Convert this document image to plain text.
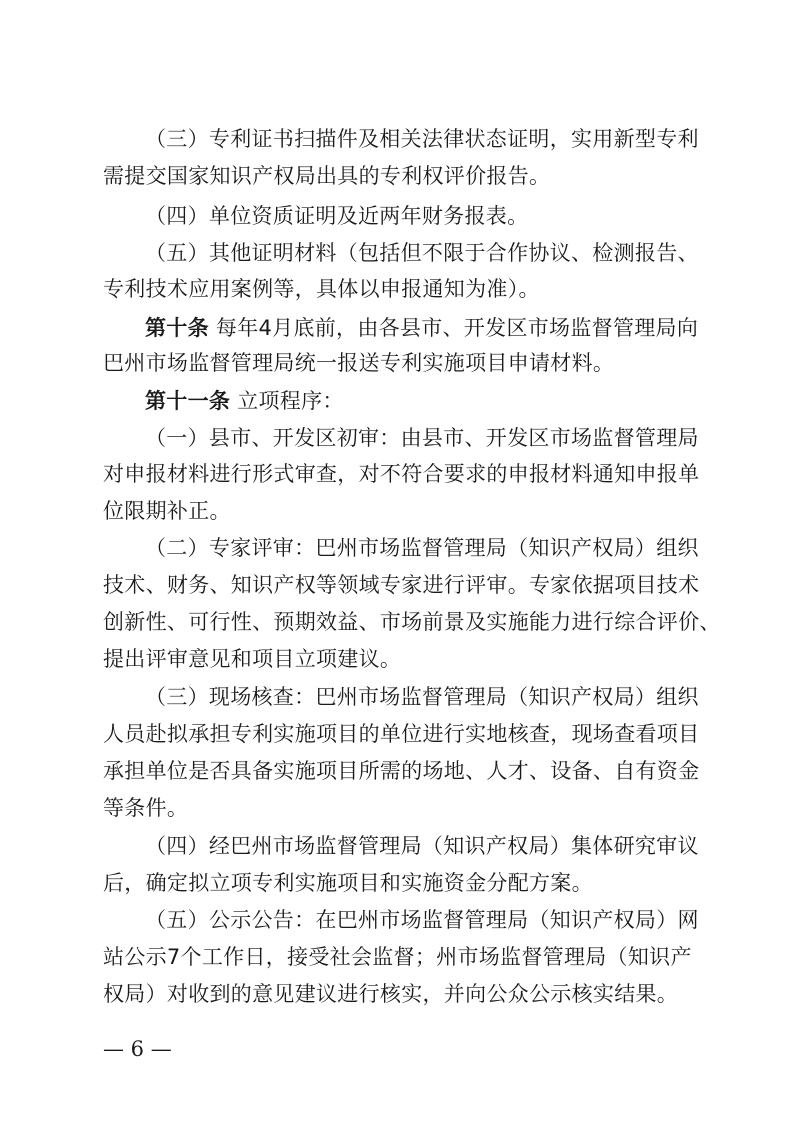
（三）专利证书扫描件及相关法律状态证明，实用新型专利
需提交国家知识产权局出具的专利权评价报告。
（四）单位资质证明及近两年财务报表。
（五）其他证明材料（包括但不限于合作协议、检测报告、
专利技术应用案例等，具体以申报通知为准）。
第十条 每年4月底前，由各县市、开发区市场监督管理局向
巴州市场监督管理局统一报送专利实施项目申请材料。
第十一条 立项程序：
（一）县市、开发区初审：由县市、开发区市场监督管理局
对申报材料进行形式审查，对不符合要求的申报材料通知申报单
位限期补正。
（二）专家评审：巴州市场监督管理局（知识产权局）组织
技术、财务、知识产权等领域专家进行评审。专家依据项目技术
创新性、可行性、预期效益、市场前景及实施能力进行综合评价、
提出评审意见和项目立项建议。
（三）现场核查：巴州市场监督管理局（知识产权局）组织
人员赴拟承担专利实施项目的单位进行实地核查，现场查看项目
承担单位是否具备实施项目所需的场地、人才、设备、自有资金
等条件。
（四）经巴州市场监督管理局（知识产权局）集体研究审议
后，确定拟立项专利实施项目和实施资金分配方案。
（五）公示公告：在巴州市场监督管理局（知识产权局）网
站公示7个工作日，接受社会监督；州市场监督管理局（知识产
权局）对收到的意见建议进行核实，并向公众公示核实结果。
— 6 —
